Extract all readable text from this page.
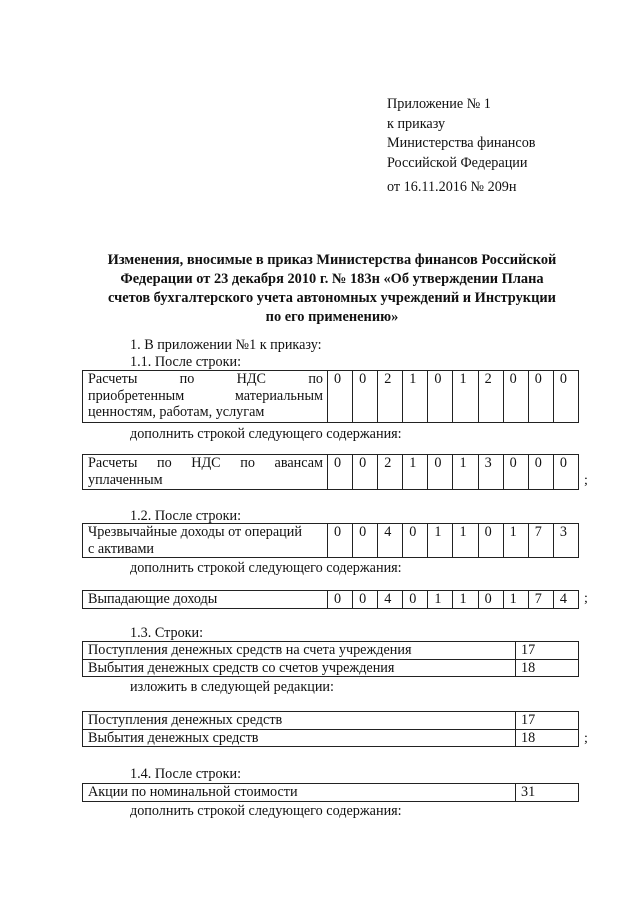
Приложение № 1
к приказу
Министерства финансов
Российской Федерации
от 16.11.2016 № 209н
Изменения, вносимые в приказ Министерства финансов Российской
Федерации от 23 декабря 2010 г. № 183н «Об утверждении Плана
счетов бухгалтерского учета автономных учреждений и Инструкции
по его применению»
1. В приложении №1 к приказу:
1.1. После строки:
Расчеты по НДС по
приобретенным материальным
ценностям, работам, услугам	0	0	2	1	0	1	2	0	0	0
дополнить строкой следующего содержания:
Расчеты по НДС по авансам
уплаченным	0	0	2	1	0	1	3	0	0	0
;
1.2. После строки:
Чрезвычайные доходы от операций
с активами
	0	0	4	0	1	1	0	1	7	3
дополнить строкой следующего содержания:
Выпадающие доходы	0	0	4	0	1	1	0	1	7	4 ;
1.3. Строки:
Поступления денежных средств на счета учреждения	17
Выбытия денежных средств со счетов учреждения	18
изложить в следующей редакции:
Поступления денежных средств	17
Выбытия денежных средств	18	;
1.4. После строки:
Акции по номинальной стоимости	31
дополнить строкой следующего содержания:
